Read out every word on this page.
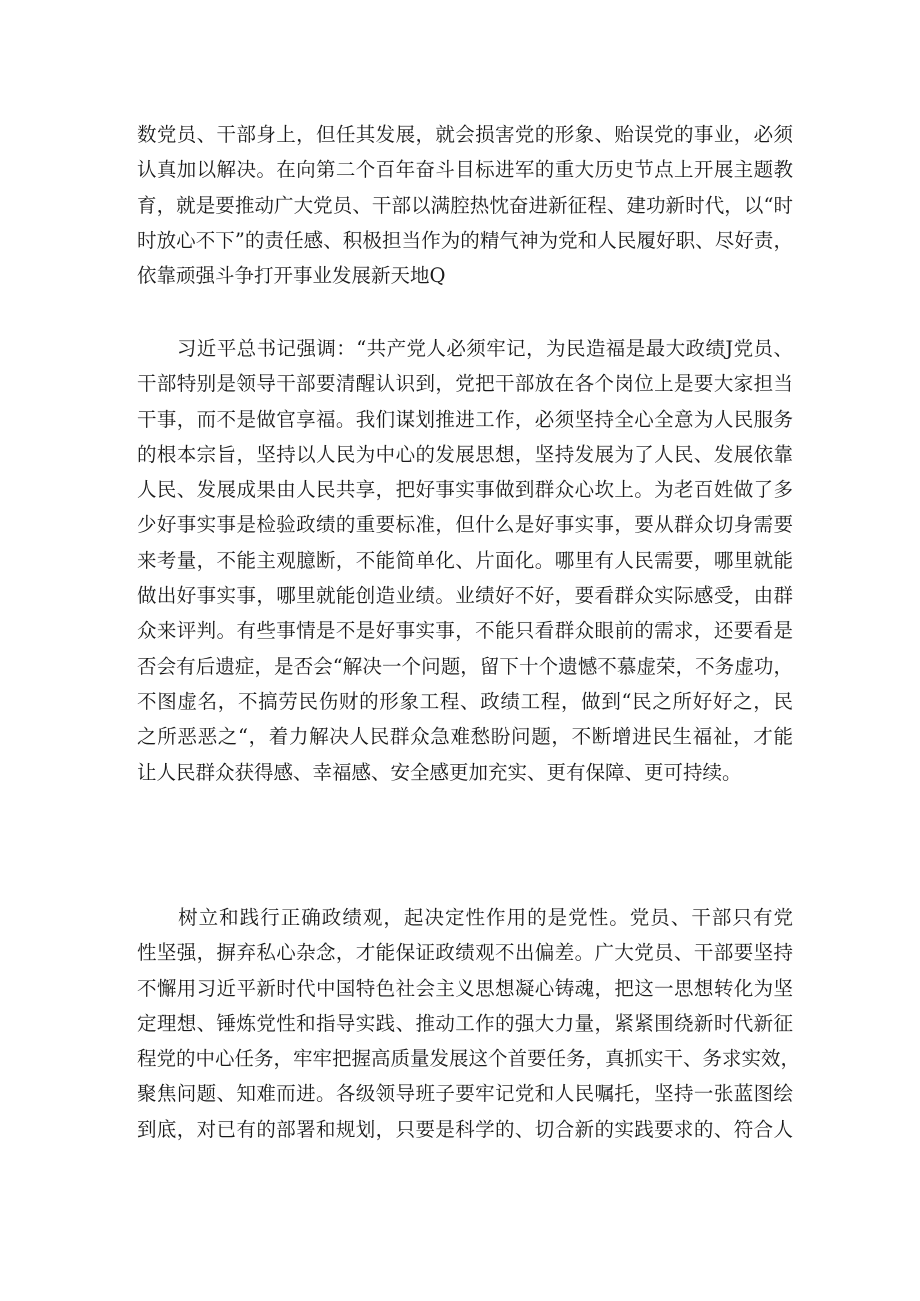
数党员、干部身上，但任其发展，就会损害党的形象、贻误党的事业，必须
认真加以解决。在向第二个百年奋斗目标进军的重大历史节点上开展主题教
育，就是要推动广大党员、干部以满腔热忱奋进新征程、建功新时代，以“时
时放心不下”的责任感、积极担当作为的精气神为党和人民履好职、尽好责，
依靠顽强斗争打开事业发展新天地Q
　　习近平总书记强调：“共产党人必须牢记，为民造福是最大政绩J党员、
干部特别是领导干部要清醒认识到，党把干部放在各个岗位上是要大家担当
干事，而不是做官享福。我们谋划推进工作，必须坚持全心全意为人民服务
的根本宗旨，坚持以人民为中心的发展思想，坚持发展为了人民、发展依靠
人民、发展成果由人民共享，把好事实事做到群众心坎上。为老百姓做了多
少好事实事是检验政绩的重要标准，但什么是好事实事，要从群众切身需要
来考量，不能主观臆断，不能简单化、片面化。哪里有人民需要，哪里就能
做出好事实事，哪里就能创造业绩。业绩好不好，要看群众实际感受，由群
众来评判。有些事情是不是好事实事，不能只看群众眼前的需求，还要看是
否会有后遗症，是否会“解决一个问题，留下十个遗憾不慕虚荣，不务虚功，
不图虚名，不搞劳民伤财的形象工程、政绩工程，做到“民之所好好之，民
之所恶恶之“，着力解决人民群众急难愁盼问题，不断增进民生福祉，才能
让人民群众获得感、幸福感、安全感更加充实、更有保障、更可持续。
　　树立和践行正确政绩观，起决定性作用的是党性。党员、干部只有党
性坚强，摒弃私心杂念，才能保证政绩观不出偏差。广大党员、干部要坚持
不懈用习近平新时代中国特色社会主义思想凝心铸魂，把这一思想转化为坚
定理想、锤炼党性和指导实践、推动工作的强大力量，紧紧围绕新时代新征
程党的中心任务，牢牢把握高质量发展这个首要任务，真抓实干、务求实效，
聚焦问题、知难而进。各级领导班子要牢记党和人民嘱托，坚持一张蓝图绘
到底，对已有的部署和规划，只要是科学的、切合新的实践要求的、符合人
